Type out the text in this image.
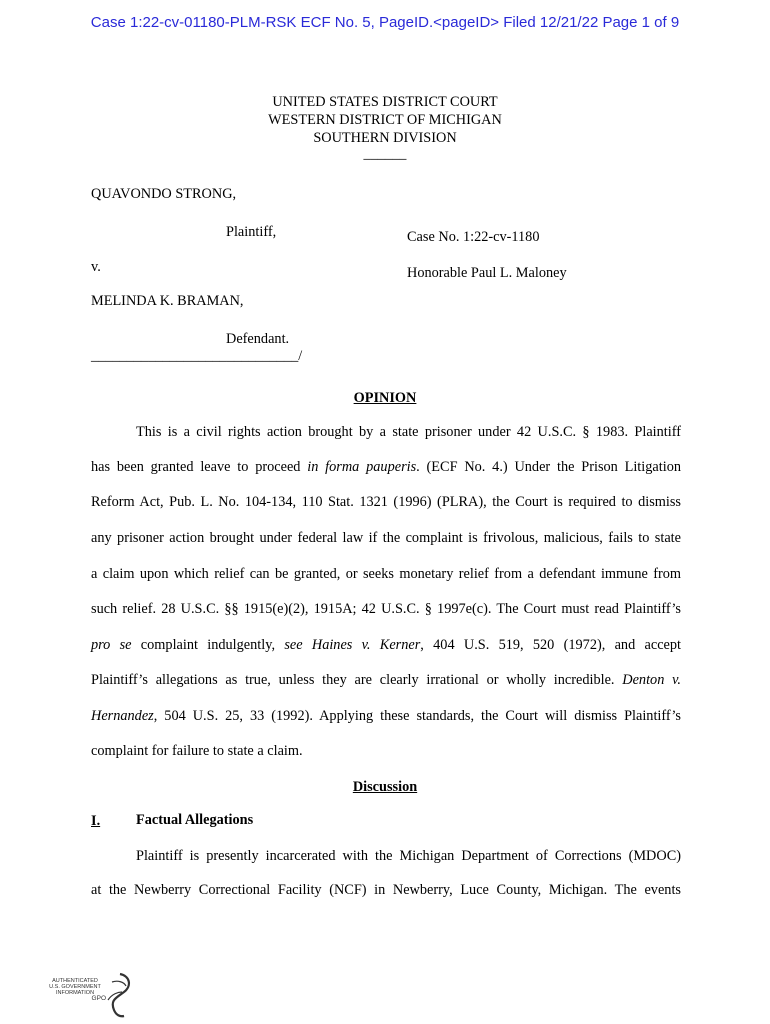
Case 1:22-cv-01180-PLM-RSK ECF No. 5, PageID.<pageID> Filed 12/21/22 Page 1 of 9
UNITED STATES DISTRICT COURT
WESTERN DISTRICT OF MICHIGAN
SOUTHERN DIVISION
______
QUAVONDO STRONG,
Plaintiff,	Case No. 1:22-cv-1180
v.	Honorable Paul L. Maloney
MELINDA K. BRAMAN,
Defendant.
_____________________________/
OPINION
This is a civil rights action brought by a state prisoner under 42 U.S.C. § 1983. Plaintiff
has been granted leave to proceed in forma pauperis. (ECF No. 4.) Under the Prison Litigation
Reform Act, Pub. L. No. 104-134, 110 Stat. 1321 (1996) (PLRA), the Court is required to dismiss
any prisoner action brought under federal law if the complaint is frivolous, malicious, fails to state
a claim upon which relief can be granted, or seeks monetary relief from a defendant immune from
such relief. 28 U.S.C. §§ 1915(e)(2), 1915A; 42 U.S.C. § 1997e(c). The Court must read Plaintiff’s
pro se complaint indulgently, see Haines v. Kerner, 404 U.S. 519, 520 (1972), and accept
Plaintiff’s allegations as true, unless they are clearly irrational or wholly incredible. Denton v.
Hernandez, 504 U.S. 25, 33 (1992). Applying these standards, the Court will dismiss Plaintiff’s
complaint for failure to state a claim.
Discussion
I.	Factual Allegations
Plaintiff is presently incarcerated with the Michigan Department of Corrections (MDOC)
at the Newberry Correctional Facility (NCF) in Newberry, Luce County, Michigan. The events
AUTHENTICATED
U.S. GOVERNMENT
INFORMATION
GPO
